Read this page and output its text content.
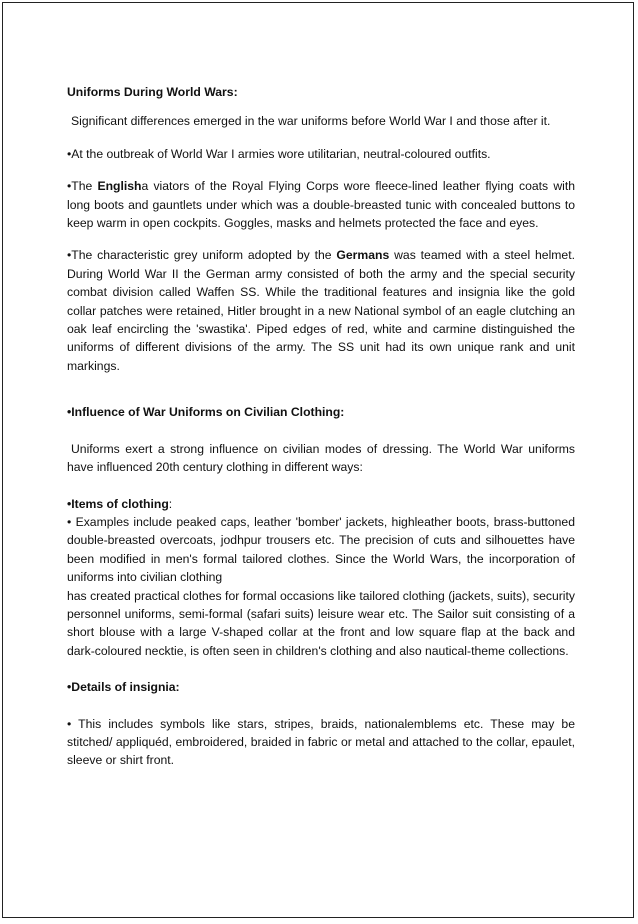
Uniforms During World Wars:

Significant differences emerged in the war uniforms before World War I and those after it.

•At the outbreak of World War I armies wore utilitarian, neutral-coloured outfits.

•The Englisha viators of the Royal Flying Corps wore fleece-lined leather flying coats with long boots and gauntlets under which was a double-breasted tunic with concealed buttons to keep warm in open cockpits. Goggles, masks and helmets protected the face and eyes.

•The characteristic grey uniform adopted by the Germans was teamed with a steel helmet. During World War II the German army consisted of both the army and the special security combat division called Waffen SS. While the traditional features and insignia like the gold collar patches were retained, Hitler brought in a new National symbol of an eagle clutching an oak leaf encircling the 'swastika'. Piped edges of red, white and carmine distinguished the uniforms of different divisions of the army. The SS unit had its own unique rank and unit markings.

•Influence of War Uniforms on Civilian Clothing:

Uniforms exert a strong influence on civilian modes of dressing. The World War uniforms have influenced 20th century clothing in different ways:

•Items of clothing:

• Examples include peaked caps, leather 'bomber' jackets, highleather boots, brass-buttoned double-breasted overcoats, jodhpur trousers etc. The precision of cuts and silhouettes have been modified in men's formal tailored clothes. Since the World Wars, the incorporation of uniforms into civilian clothing

has created practical clothes for formal occasions like tailored clothing (jackets, suits), security personnel uniforms, semi-formal (safari suits) leisure wear etc. The Sailor suit consisting of a short blouse with a large V-shaped collar at the front and low square flap at the back and dark-coloured necktie, is often seen in children's clothing and also nautical-theme collections.

•Details of insignia:

• This includes symbols like stars, stripes, braids, nationalemblems etc. These may be stitched/ appliquéd, embroidered, braided in fabric or metal and attached to the collar, epaulet, sleeve or shirt front.
